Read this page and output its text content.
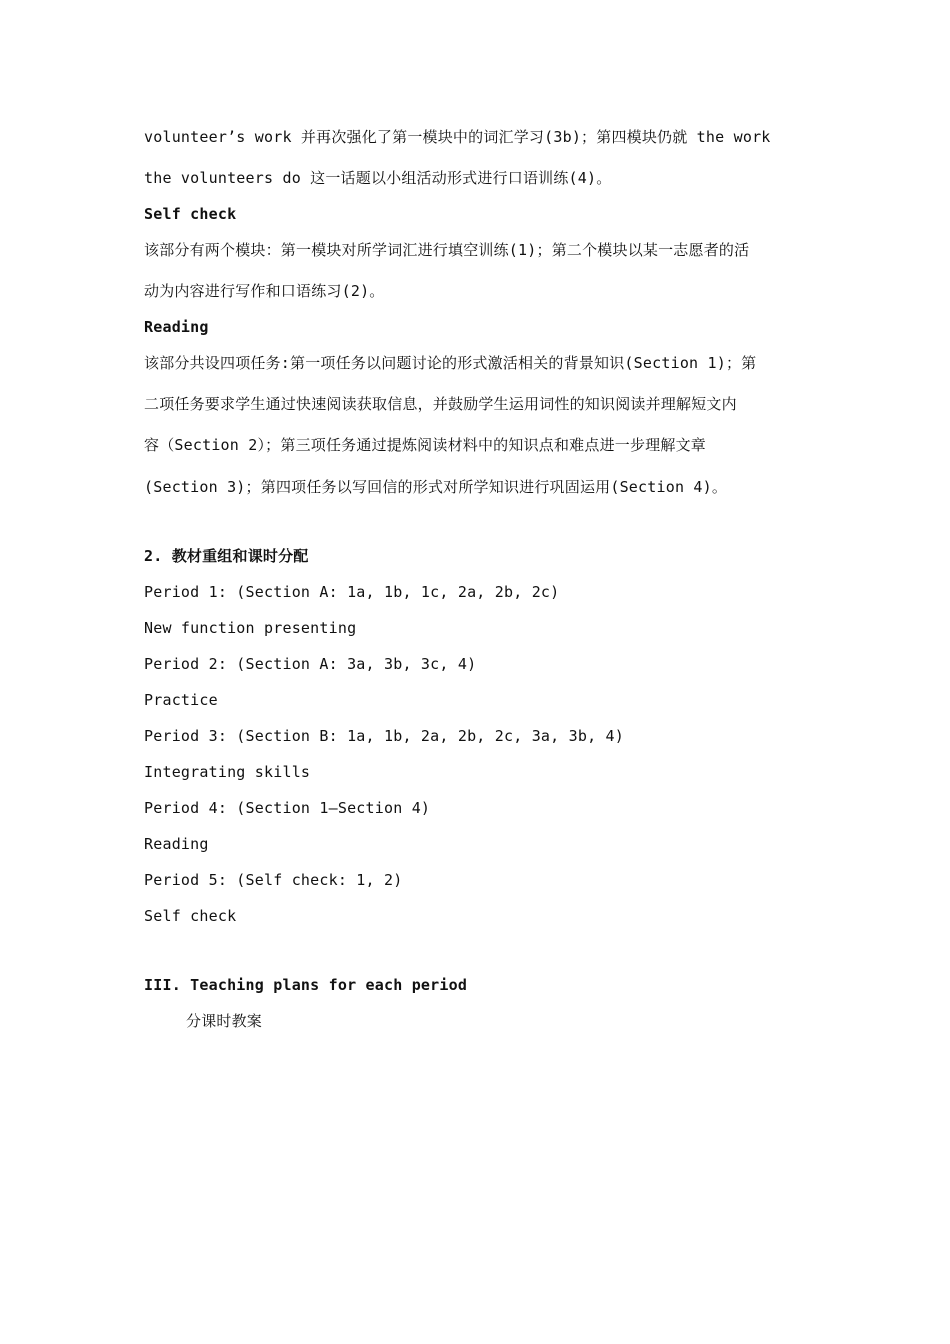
volunteer’s work 并再次强化了第一模块中的词汇学习(3b)；第四模块仍就 the work
the volunteers do 这一话题以小组活动形式进行口语训练(4)。
Self check
该部分有两个模块：第一模块对所学词汇进行填空训练(1)；第二个模块以某一志愿者的活
动为内容进行写作和口语练习(2)。
Reading
该部分共设四项任务:第一项任务以问题讨论的形式激活相关的背景知识(Section 1)；第
二项任务要求学生通过快速阅读获取信息，并鼓励学生运用词性的知识阅读并理解短文内
容（Section 2）；第三项任务通过提炼阅读材料中的知识点和难点进一步理解文章
(Section 3)；第四项任务以写回信的形式对所学知识进行巩固运用(Section 4)。
2. 教材重组和课时分配
Period 1: (Section A: 1a, 1b, 1c, 2a, 2b, 2c)
New function presenting
Period 2: (Section A: 3a, 3b, 3c, 4)
Practice
Period 3: (Section B: 1a, 1b, 2a, 2b, 2c, 3a, 3b, 4)
Integrating skills
Period 4: (Section 1—Section 4)
Reading
Period 5: (Self check: 1, 2)
Self check
III. Teaching plans for each period
分课时教案
